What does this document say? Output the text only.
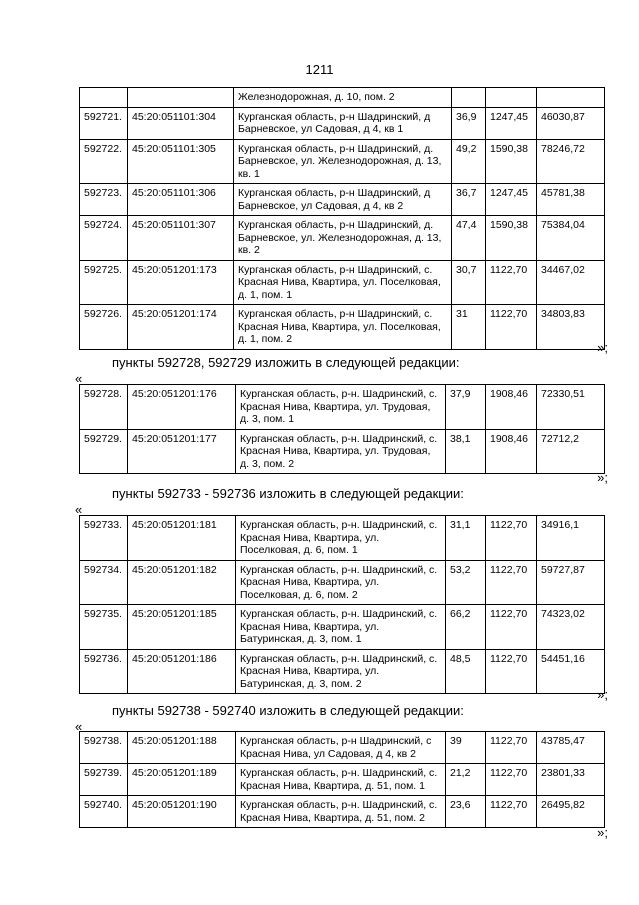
1211
		Железнодорожная, д. 10, пом. 2			
592721.	45:20:051101:304	Курганская область, р-н Шадринский, д Барневское, ул Садовая, д 4, кв 1	36,9	1247,45	46030,87
592722.	45:20:051101:305	Курганская область, р-н Шадринский, д. Барневское, ул. Железнодорожная, д. 13, кв. 1	49,2	1590,38	78246,72
592723.	45:20:051101:306	Курганская область, р-н Шадринский, д Барневское, ул Садовая, д 4, кв 2	36,7	1247,45	45781,38
592724.	45:20:051101:307	Курганская область, р-н Шадринский, д. Барневское, ул. Железнодорожная, д. 13, кв. 2	47,4	1590,38	75384,04
592725.	45:20:051201:173	Курганская область, р-н Шадринский, с. Красная Нива, Квартира, ул. Поселковая, д. 1, пом. 1	30,7	1122,70	34467,02
592726.	45:20:051201:174	Курганская область, р-н Шадринский, с. Красная Нива, Квартира, ул. Поселковая, д. 1, пом. 2	31	1122,70	34803,83
»;
пункты 592728, 592729 изложить в следующей редакции:
«
592728.	45:20:051201:176	Курганская область, р-н. Шадринский, с. Красная Нива, Квартира, ул. Трудовая, д. 3, пом. 1	37,9	1908,46	72330,51
592729.	45:20:051201:177	Курганская область, р-н. Шадринский, с. Красная Нива, Квартира, ул. Трудовая, д. 3, пом. 2	38,1	1908,46	72712,2
»;
пункты 592733 - 592736 изложить в следующей редакции:
«
592733.	45:20:051201:181	Курганская область, р-н. Шадринский, с. Красная Нива, Квартира, ул. Поселковая, д. 6, пом. 1	31,1	1122,70	34916,1
592734.	45:20:051201:182	Курганская область, р-н. Шадринский, с. Красная Нива, Квартира, ул. Поселковая, д. 6, пом. 2	53,2	1122,70	59727,87
592735.	45:20:051201:185	Курганская область, р-н. Шадринский, с. Красная Нива, Квартира, ул. Батуринская, д. 3, пом. 1	66,2	1122,70	74323,02
592736.	45:20:051201:186	Курганская область, р-н. Шадринский, с. Красная Нива, Квартира, ул. Батуринская, д. 3, пом. 2	48,5	1122,70	54451,16
»;
пункты 592738 - 592740 изложить в следующей редакции:
«
592738.	45:20:051201:188	Курганская область, р-н Шадринский, с Красная Нива, ул Садовая, д 4, кв 2	39	1122,70	43785,47
592739.	45:20:051201:189	Курганская область, р-н. Шадринский, с. Красная Нива, Квартира, д. 51, пом. 1	21,2	1122,70	23801,33
592740.	45:20:051201:190	Курганская область, р-н. Шадринский, с. Красная Нива, Квартира, д. 51, пом. 2	23,6	1122,70	26495,82
»;
